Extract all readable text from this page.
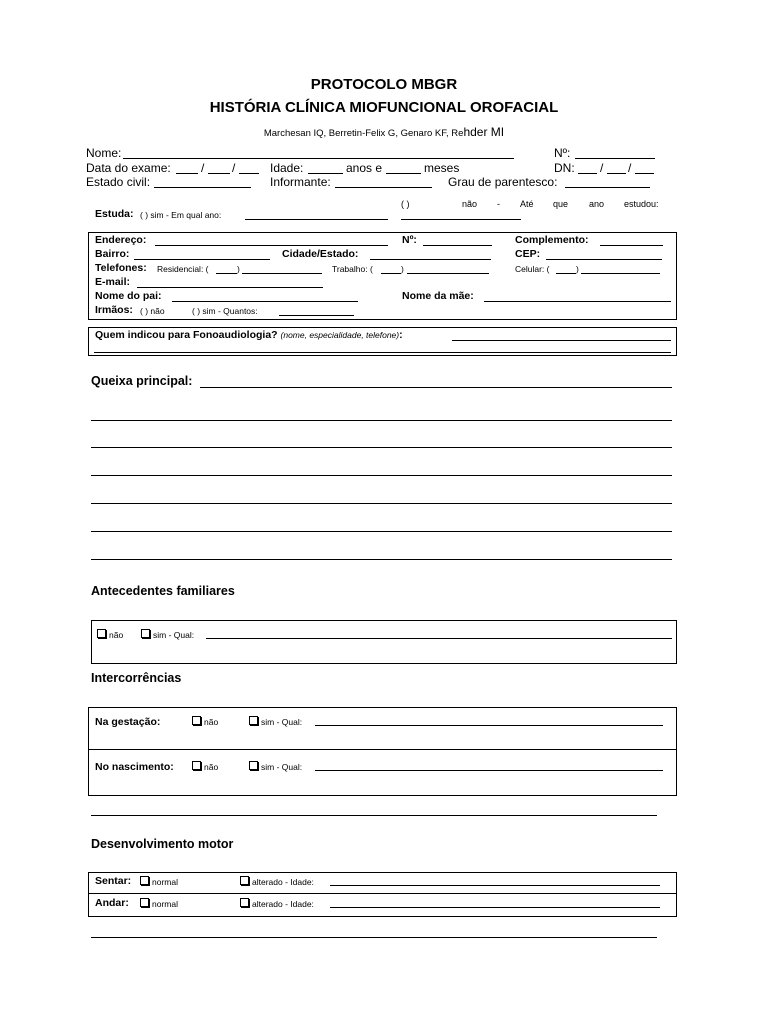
PROTOCOLO MBGR
HISTÓRIA CLÍNICA MIOFUNCIONAL OROFACIAL
Marchesan IQ, Berretin-Felix G, Genaro KF, Rehder MI
Nome:	Nº:
Data do exame:	/ /	Idade:	anos e	meses	DN: / /
Estado civil:	Informante:	Grau de parentesco:
( )	não - Até que ano estudou:
Estuda: ( ) sim - Em qual ano:
Endereço:	Nº:	Complemento:
Bairro:	Cidade/Estado:	CEP:
Telefones: Residencial: (	)	Trabalho: (	)	Celular: (	)
E-mail:
Nome do pai:	Nome da mãe:
Irmãos: ( ) não	( ) sim - Quantos:
Quem indicou para Fonoaudiologia? (nome, especialidade, telefone):
Queixa principal:
Antecedentes familiares
não	sim - Qual:
Intercorrências
Na gestação:	não	sim - Qual:
No nascimento:	não	sim - Qual:
Desenvolvimento motor
Sentar:	normal	alterado - Idade:
Andar:	normal	alterado - Idade:
